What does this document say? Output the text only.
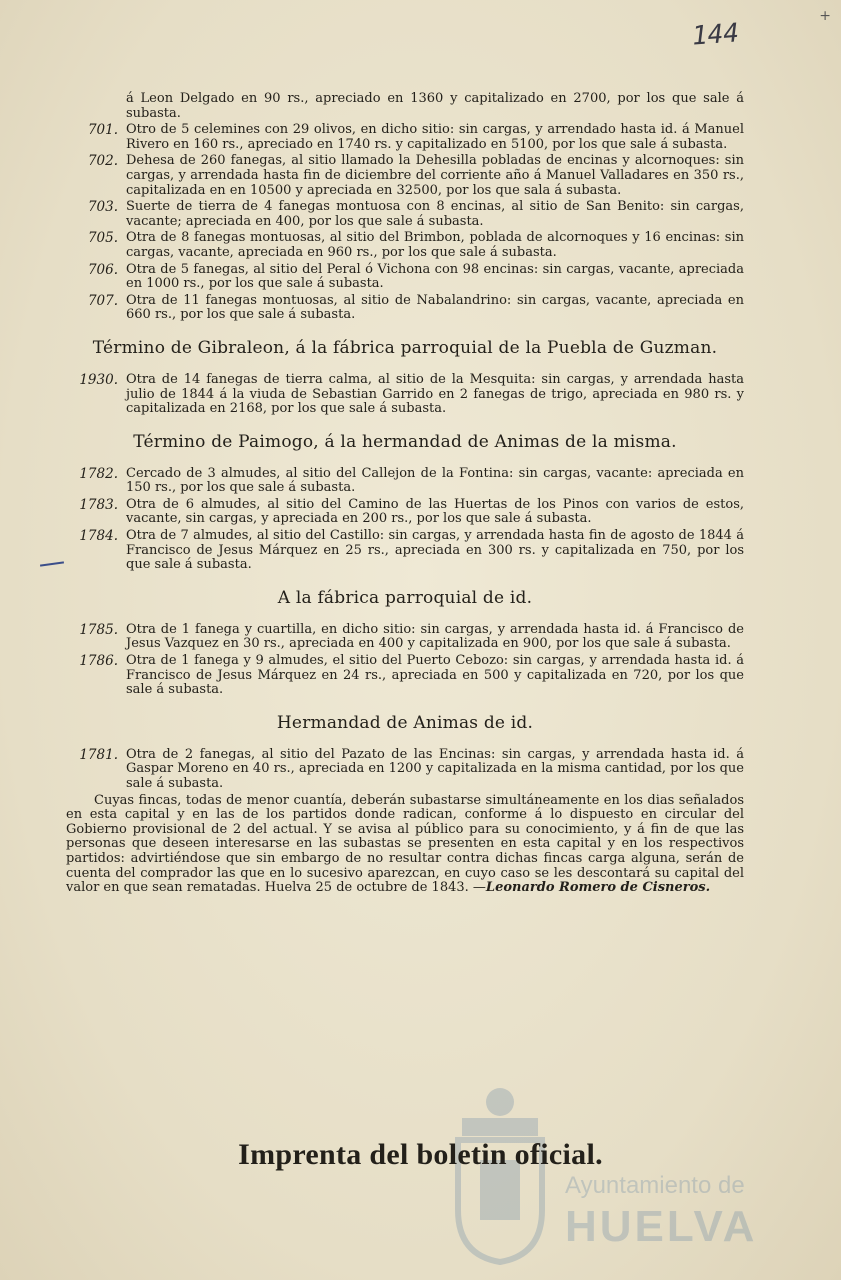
144
+
á Leon Delgado en 90 rs., apreciado en 1360 y capitalizado en 2700, por los que sale á subasta.
701. Otro de 5 celemines con 29 olivos, en dicho sitio: sin cargas, y arrendado hasta id. á Manuel Rivero en 160 rs., apreciado en 1740 rs. y capitalizado en 5100, por los que sale á subasta.
702. Dehesa de 260 fanegas, al sitio llamado la Dehesilla pobladas de encinas y alcornoques: sin cargas, y arrendada hasta fin de diciembre del corriente año á Manuel Valladares en 350 rs., capitalizada en en 10500 y apreciada en 32500, por los que sala á subasta.
703. Suerte de tierra de 4 fanegas montuosa con 8 encinas, al sitio de San Benito: sin cargas, vacante; apreciada en 400, por los que sale á subasta.
705. Otra de 8 fanegas montuosas, al sitio del Brimbon, poblada de alcornoques y 16 encinas: sin cargas, vacante, apreciada en 960 rs., por los que sale á subasta.
706. Otra de 5 fanegas, al sitio del Peral ó Vichona con 98 encinas: sin cargas, vacante, apreciada en 1000 rs., por los que sale á subasta.
707. Otra de 11 fanegas montuosas, al sitio de Nabalandrino: sin cargas, vacante, apreciada en 660 rs., por los que sale á subasta.
Término de Gibraleon, á la fábrica parroquial de la Puebla de Guzman.
1930. Otra de 14 fanegas de tierra calma, al sitio de la Mesquita: sin cargas, y arrendada hasta julio de 1844 á la viuda de Sebastian Garrido en 2 fanegas de trigo, apreciada en 980 rs. y capitalizada en 2168, por los que sale á subasta.
Término de Paimogo, á la hermandad de Animas de la misma.
1782. Cercado de 3 almudes, al sitio del Callejon de la Fontina: sin cargas, vacante: apreciada en 150 rs., por los que sale á subasta.
1783. Otra de 6 almudes, al sitio del Camino de las Huertas de los Pinos con varios de estos, vacante, sin cargas, y apreciada en 200 rs., por los que sale á subasta.
1784. Otra de 7 almudes, al sitio del Castillo: sin cargas, y arrendada hasta fin de agosto de 1844 á Francisco de Jesus Márquez en 25 rs., apreciada en 300 rs. y capitalizada en 750, por los que sale á subasta.
A la fábrica parroquial de id.
1785. Otra de 1 fanega y cuartilla, en dicho sitio: sin cargas, y arrendada hasta id. á Francisco de Jesus Vazquez en 30 rs., apreciada en 400 y capitalizada en 900, por los que sale á subasta.
1786. Otra de 1 fanega y 9 almudes, el sitio del Puerto Cebozo: sin cargas, y arrendada hasta id. á Francisco de Jesus Márquez en 24 rs., apreciada en 500 y capitalizada en 720, por los que sale á subasta.
Hermandad de Animas de id.
1781. Otra de 2 fanegas, al sitio del Pazato de las Encinas: sin cargas, y arrendada hasta id. á Gaspar Moreno en 40 rs., apreciada en 1200 y capitalizada en la misma cantidad, por los que sale á subasta.
Cuyas fincas, todas de menor cuantía, deberán subastarse simultáneamente en los dias señalados en esta capital y en las de los partidos donde radican, conforme á lo dispuesto en circular del Gobierno provisional de 2 del actual. Y se avisa al público para su conocimiento, y á fin de que las personas que deseen interesarse en las subastas se presenten en esta capital y en los respectivos partidos: advirtiéndose que sin embargo de no resultar contra dichas fincas carga alguna, serán de cuenta del comprador las que en lo sucesivo aparezcan, en cuyo caso se les descontará su capital del valor en que sean rematadas. Huelva 25 de octubre de 1843. —Leonardo Romero de Cisneros.
Ayuntamiento de
HUELVA
Imprenta del boletin oficial.
